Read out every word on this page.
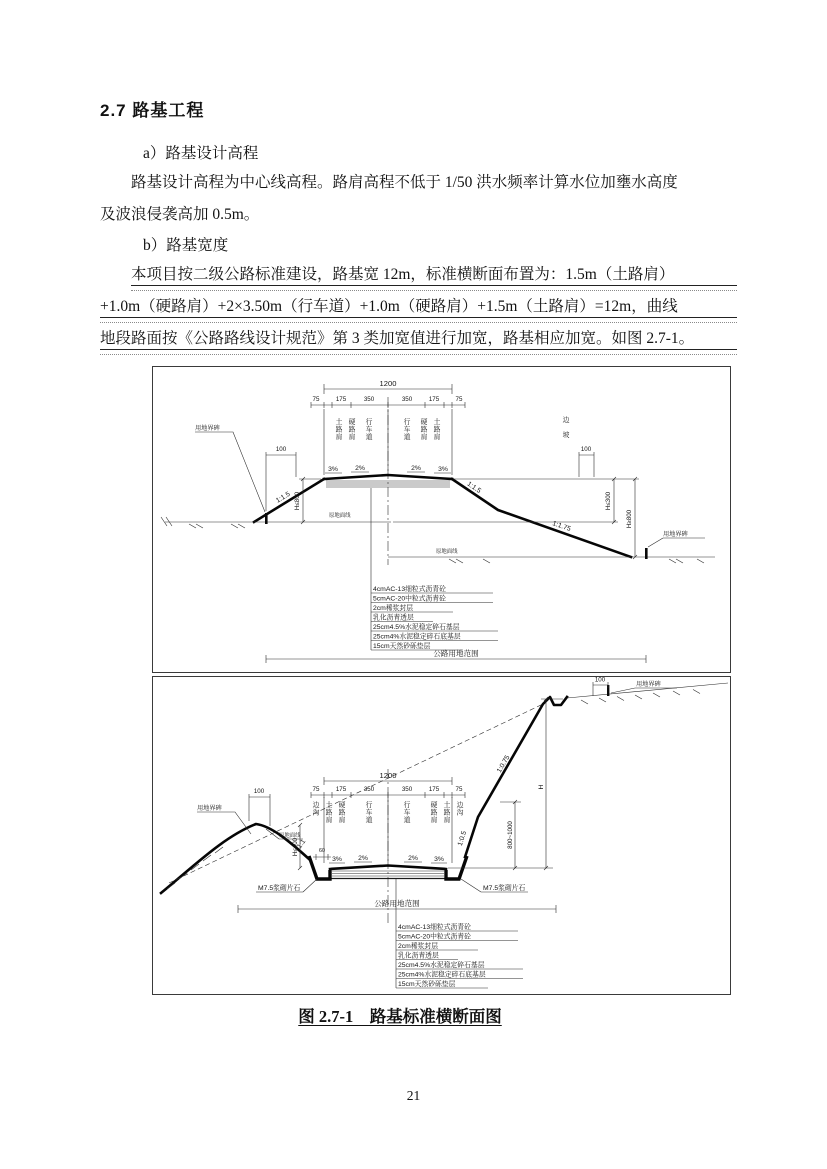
2.7 路基工程
a）路基设计高程
路基设计高程为中心线高程。路肩高程不低于 1/50 洪水频率计算水位加壅水高度
及波浪侵袭高加 0.5m。
b）路基宽度
本项目按二级公路标准建设，路基宽 12m，标准横断面布置为：1.5m（土路肩）
+1.0m（硬路肩）+2×3.50m（行车道）+1.0m（硬路肩）+1.5m（土路肩）=12m，曲线
地段路面按《公路路线设计规范》第 3 类加宽值进行加宽，路基相应加宽。如图 2.7-1。
1200
75	175	350	350	175	75
土路肩
硬路肩
行车道
行车道
硬路肩
土路肩
边坡
3%	2%	2%	3%
原地面线
原地面线
用地界碑
用地界碑
100	100
H≤800	H≤300
H≥800
1:1.5
1:1.5
1:1.75
4cmAC-13细粒式沥青砼
5cmAC-20中粒式沥青砼
2cm稀浆封层
乳化沥青透层
25cm4.5%水泥稳定碎石基层
25cm4%水泥稳定碎石底基层
15cm天然砂砾垫层
公路用地范围
1:0.5
1:0.75
1:1
用地界碑
原地面线
100
H≤400	60
1200
75	175	350	350	175	75
边沟
土路肩
硬路肩
行车道
行车道
硬路肩
土路肩
边沟
3% 2%	2% 3%
M7.5浆砌片石	M7.5浆砌片石
800~1000
H
100
用地界碑
公路用地范围
4cmAC-13细粒式沥青砼
5cmAC-20中粒式沥青砼
2cm稀浆封层
乳化沥青透层
25cm4.5%水泥稳定碎石基层
25cm4%水泥稳定碎石底基层
15cm天然砂砾垫层
图 2.7-1　路基标准横断面图
21
